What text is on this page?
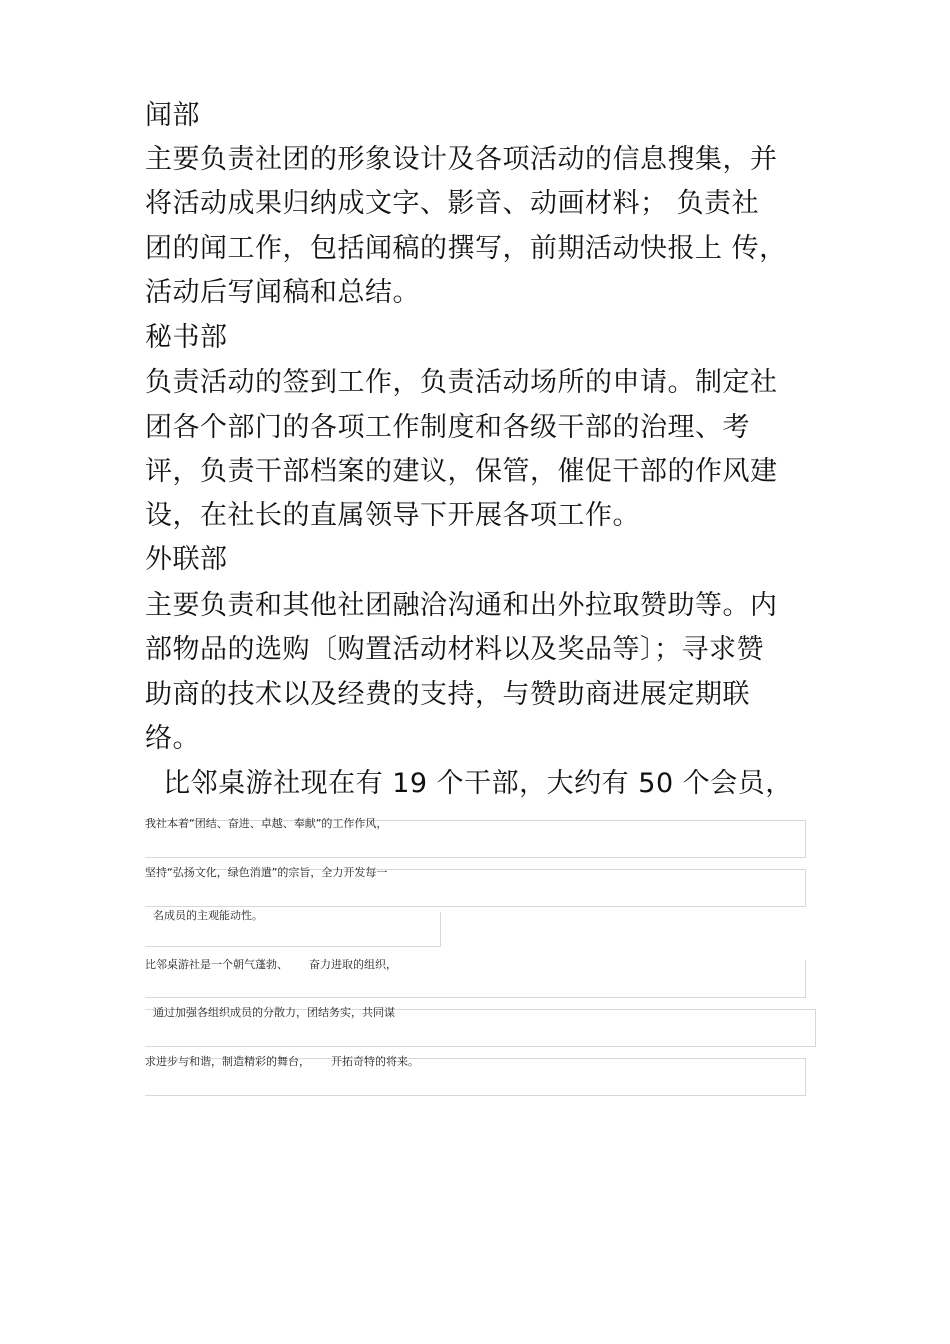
闻部
主要负责社团的形象设计及各项活动的信息搜集，并
将活动成果归纳成文字、影音、动画材料； 负责社
团的闻工作，包括闻稿的撰写，前期活动快报上 传，
活动后写闻稿和总结。
秘书部
负责活动的签到工作，负责活动场所的申请。制定社
团各个部门的各项工作制度和各级干部的治理、考
评，负责干部档案的建议，保管，催促干部的作风建
设，在社长的直属领导下开展各项工作。
外联部
主要负责和其他社团融洽沟通和出外拉取赞助等。内
部物品的选购〔购置活动材料以及奖品等〕；寻求赞
助商的技术以及经费的支持，与赞助商进展定期联
络。
比邻桌游社现在有 19 个干部，大约有 50 个会员，
我社本着“团结、奋进、卓越、奉献”的工作作风，
坚持“弘扬文化，绿色消遣”的宗旨，全力开发每一
名成员的主观能动性。
比邻桌游社是一个朝气蓬勃、      奋力进取的组织，
通过加强各组织成员的分散力，团结务实，共同谋
求进步与和谐，制造精彩的舞台，      开拓奇特的将来。
